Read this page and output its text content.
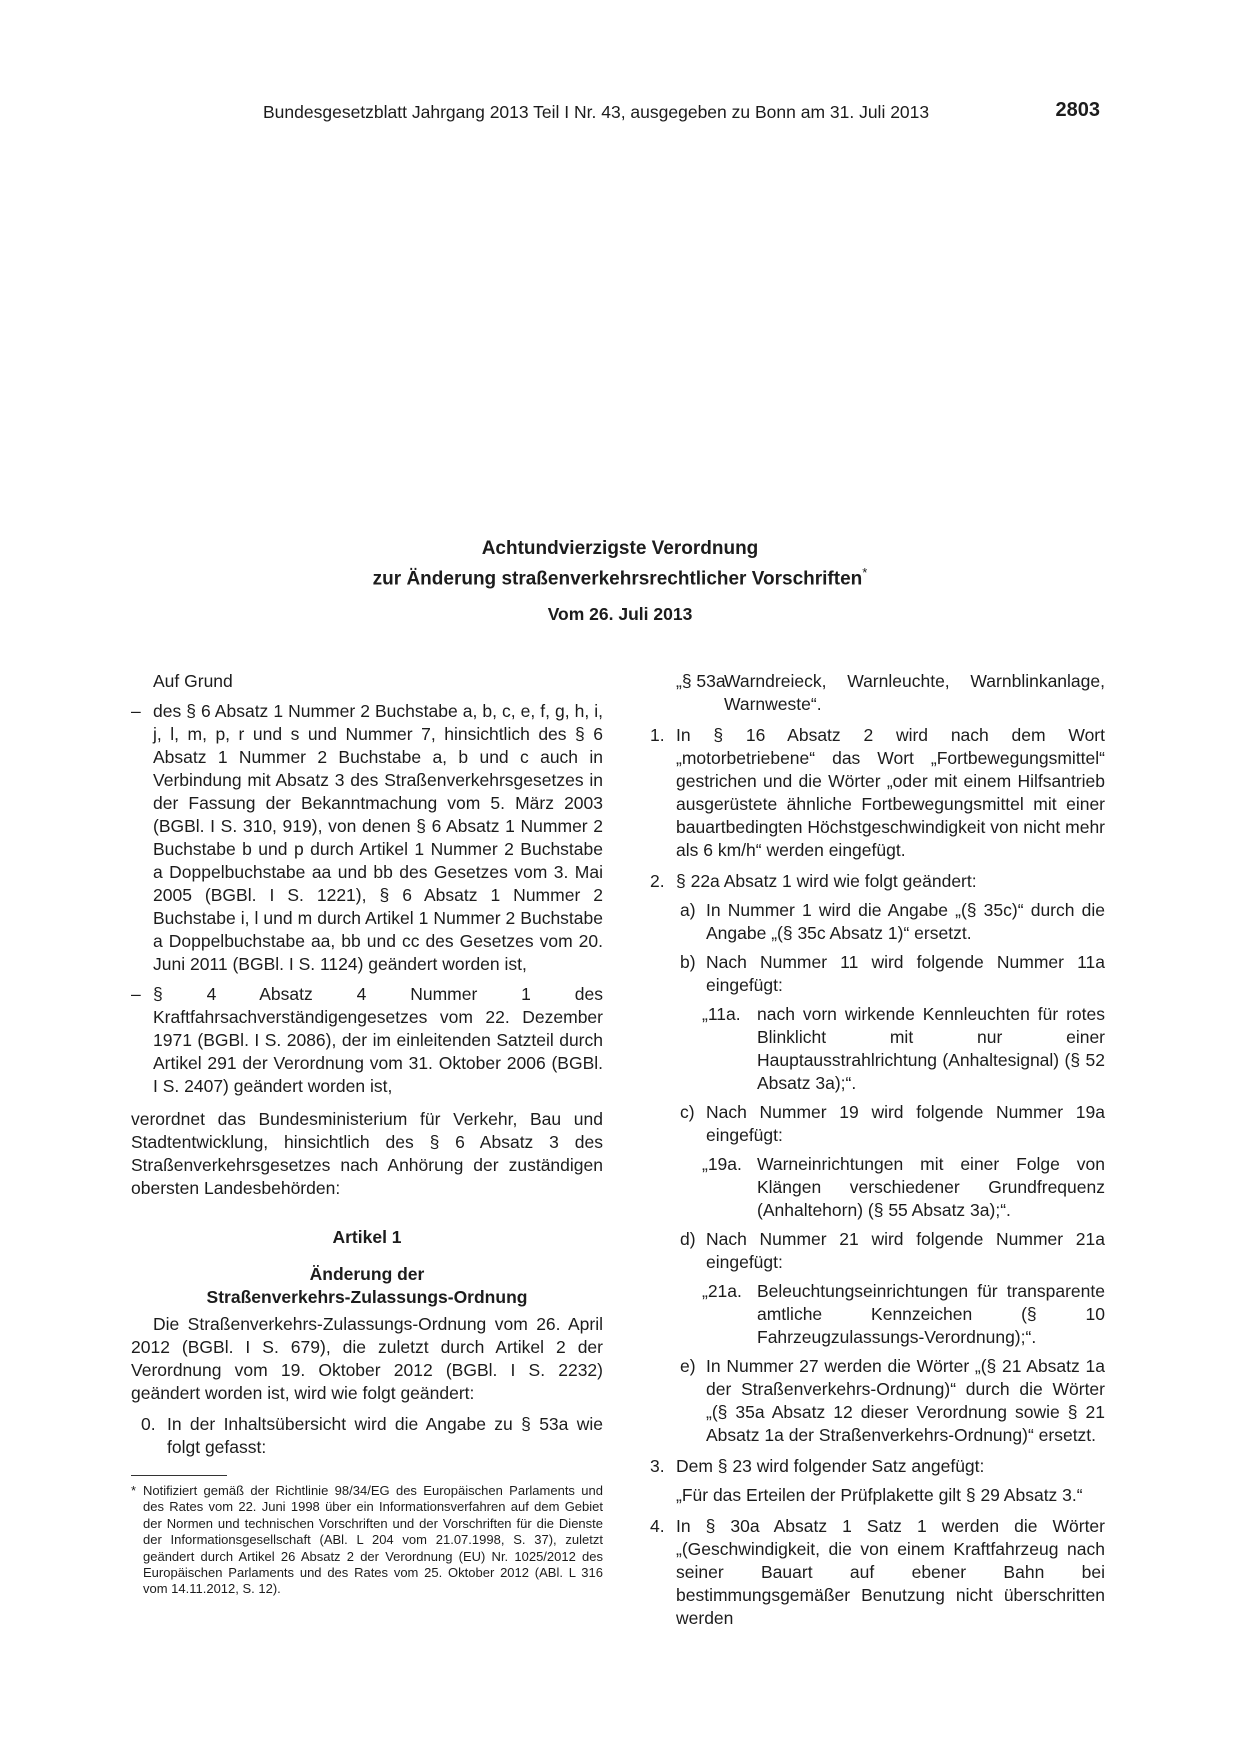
Bundesgesetzblatt Jahrgang 2013 Teil I Nr. 43, ausgegeben zu Bonn am 31. Juli 2013	2803
Achtundvierzigste Verordnung
zur Änderung straßenverkehrsrechtlicher Vorschriften*
Vom 26. Juli 2013

Auf Grund

– des § 6 Absatz 1 Nummer 2 Buchstabe a, b, c, e, f, g, h, i, j, l, m, p, r und s und Nummer 7, hinsichtlich des § 6 Absatz 1 Nummer 2 Buchstabe a, b und c auch in Verbindung mit Absatz 3 des Straßenverkehrsgesetzes in der Fassung der Bekanntmachung vom 5. März 2003 (BGBl. I S. 310, 919), von denen § 6 Absatz 1 Nummer 2 Buchstabe b und p durch Artikel 1 Nummer 2 Buchstabe a Doppelbuchstabe aa und bb des Gesetzes vom 3. Mai 2005 (BGBl. I S. 1221), § 6 Absatz 1 Nummer 2 Buchstabe i, l und m durch Artikel 1 Nummer 2 Buchstabe a Doppelbuchstabe aa, bb und cc des Gesetzes vom 20. Juni 2011 (BGBl. I S. 1124) geändert worden ist,

– § 4 Absatz 4 Nummer 1 des Kraftfahrsachverständigengesetzes vom 22. Dezember 1971 (BGBl. I S. 2086), der im einleitenden Satzteil durch Artikel 291 der Verordnung vom 31. Oktober 2006 (BGBl. I S. 2407) geändert worden ist,

verordnet das Bundesministerium für Verkehr, Bau und Stadtentwicklung, hinsichtlich des § 6 Absatz 3 des Straßenverkehrsgesetzes nach Anhörung der zuständigen obersten Landesbehörden:

Artikel 1
Änderung der
Straßenverkehrs-Zulassungs-Ordnung

Die Straßenverkehrs-Zulassungs-Ordnung vom 26. April 2012 (BGBl. I S. 679), die zuletzt durch Artikel 2 der Verordnung vom 19. Oktober 2012 (BGBl. I S. 2232) geändert worden ist, wird wie folgt geändert:

0. In der Inhaltsübersicht wird die Angabe zu § 53a wie folgt gefasst:

* Notifiziert gemäß der Richtlinie 98/34/EG des Europäischen Parlaments und des Rates vom 22. Juni 1998 über ein Informationsverfahren auf dem Gebiet der Normen und technischen Vorschriften und der Vorschriften für die Dienste der Informationsgesellschaft (ABl. L 204 vom 21.07.1998, S. 37), zuletzt geändert durch Artikel 26 Absatz 2 der Verordnung (EU) Nr. 1025/2012 des Europäischen Parlaments und des Rates vom 25. Oktober 2012 (ABl. L 316 vom 14.11.2012, S. 12).

„§ 53a

Warndreieck, Warnleuchte, Warnblinkanlage, Warnweste“.

1. In § 16 Absatz 2 wird nach dem Wort „motorbetriebene“ das Wort „Fortbewegungsmittel“ gestrichen und die Wörter „oder mit einem Hilfsantrieb ausgerüstete ähnliche Fortbewegungsmittel mit einer bauartbedingten Höchstgeschwindigkeit von nicht mehr als 6 km/h“ werden eingefügt.

2. § 22a Absatz 1 wird wie folgt geändert:

a) In Nummer 1 wird die Angabe „(§ 35c)“ durch die Angabe „(§ 35c Absatz 1)“ ersetzt.

b) Nach Nummer 11 wird folgende Nummer 11a eingefügt:

„11a. nach vorn wirkende Kennleuchten für rotes Blinklicht mit nur einer Hauptausstrahlrichtung (Anhaltesignal) (§ 52 Absatz 3a);“.

c) Nach Nummer 19 wird folgende Nummer 19a eingefügt:

„19a. Warneinrichtungen mit einer Folge von Klängen verschiedener Grundfrequenz (Anhaltehorn) (§ 55 Absatz 3a);“.

d) Nach Nummer 21 wird folgende Nummer 21a eingefügt:

„21a. Beleuchtungseinrichtungen für transparente amtliche Kennzeichen (§ 10 Fahrzeugzulassungs-Verordnung);“.

e) In Nummer 27 werden die Wörter „(§ 21 Absatz 1a der Straßenverkehrs-Ordnung)“ durch die Wörter „(§ 35a Absatz 12 dieser Verordnung sowie § 21 Absatz 1a der Straßenverkehrs-Ordnung)“ ersetzt.

3. Dem § 23 wird folgender Satz angefügt:

„Für das Erteilen der Prüfplakette gilt § 29 Absatz 3.“

4. In § 30a Absatz 1 Satz 1 werden die Wörter „(Geschwindigkeit, die von einem Kraftfahrzeug nach seiner Bauart auf ebener Bahn bei bestimmungsgemäßer Benutzung nicht überschritten werden
